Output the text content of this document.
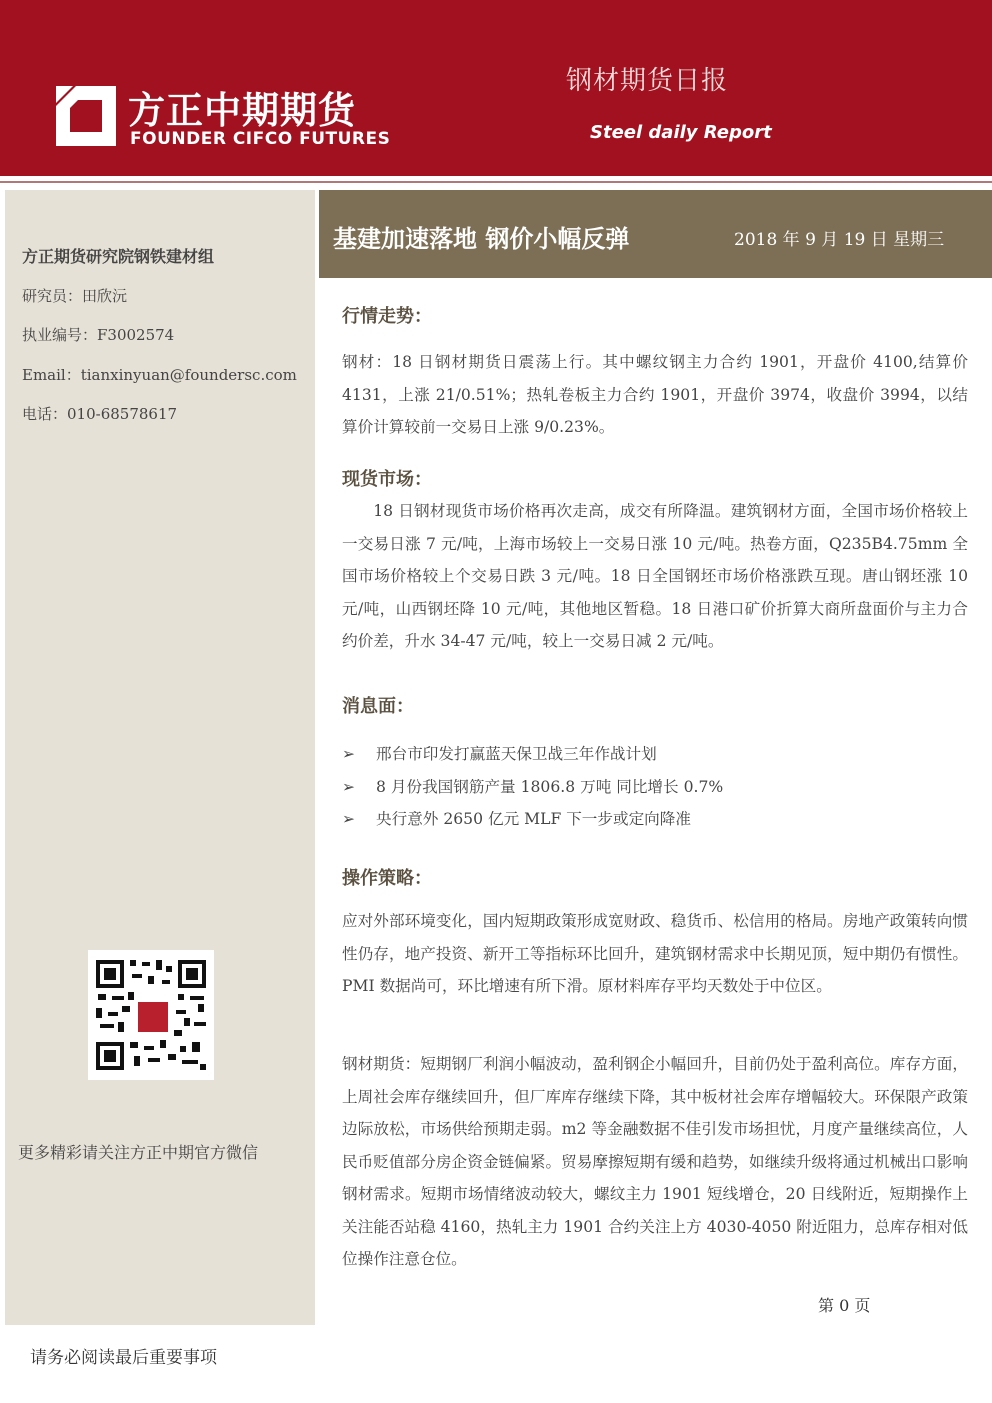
方正中期期货
FOUNDER CIFCO FUTURES
钢材期货日报
Steel daily Report
方正期货研究院钢铁建材组
研究员：田欣沅
执业编号：F3002574
Email：tianxinyuan@foundersc.com
电话：010-68578617
更多精彩请关注方正中期官方微信
基建加速落地 钢价小幅反弹	2018 年 9 月 19 日 星期三
行情走势：

钢材：18 日钢材期货日震荡上行。其中螺纹钢主力合约 1901，开盘价 4100,结算价 4131，上涨 21/0.51%；热轧卷板主力合约 1901，开盘价 3974，收盘价 3994，以结算价计算较前一交易日上涨 9/0.23%。

现货市场：

18 日钢材现货市场价格再次走高，成交有所降温。建筑钢材方面，全国市场价格较上一交易日涨 7 元/吨，上海市场较上一交易日涨 10 元/吨。热卷方面，Q235B4.75mm 全国市场价格较上个交易日跌 3 元/吨。18 日全国钢坯市场价格涨跌互现。唐山钢坯涨 10 元/吨，山西钢坯降 10 元/吨，其他地区暂稳。18 日港口矿价折算大商所盘面价与主力合约价差，升水 34-47 元/吨，较上一交易日减 2 元/吨。

消息面：
➢ 邢台市印发打赢蓝天保卫战三年作战计划
➢ 8 月份我国钢筋产量 1806.8 万吨 同比增长 0.7%
➢ 央行意外 2650 亿元 MLF 下一步或定向降准
操作策略：

应对外部环境变化，国内短期政策形成宽财政、稳货币、松信用的格局。房地产政策转向惯性仍存，地产投资、新开工等指标环比回升，建筑钢材需求中长期见顶，短中期仍有惯性。PMI 数据尚可，环比增速有所下滑。原材料库存平均天数处于中位区。

钢材期货：短期钢厂利润小幅波动，盈利钢企小幅回升，目前仍处于盈利高位。库存方面，上周社会库存继续回升，但厂库库存继续下降，其中板材社会库存增幅较大。环保限产政策边际放松，市场供给预期走弱。m2 等金融数据不佳引发市场担忧，月度产量继续高位，人民币贬值部分房企资金链偏紧。贸易摩擦短期有缓和趋势，如继续升级将通过机械出口影响钢材需求。短期市场情绪波动较大，螺纹主力 1901 短线增仓，20 日线附近，短期操作上关注能否站稳 4160，热轧主力 1901 合约关注上方 4030-4050 附近阻力，总库存相对低位操作注意仓位。

第 0 页
请务必阅读最后重要事项
